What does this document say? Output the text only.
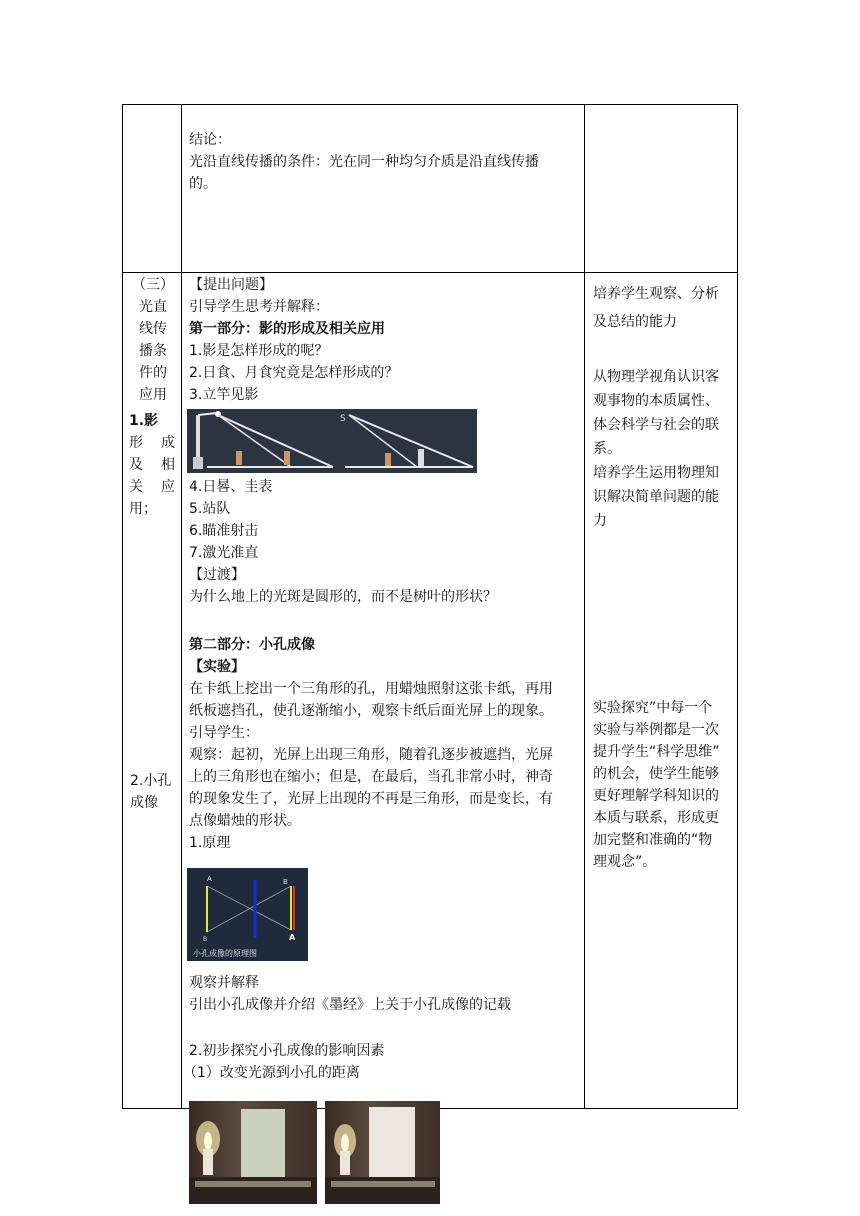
结论：
光沿直线传播的条件：光在同一种均匀介质是沿直线传播
的。
（三）
光直
线传
播条
件的
应用
1.影
形 成
及 相
关 应
用；
2.小孔
成像
【提出问题】
引导学生思考并解释：
第一部分：影的形成及相关应用
1.影是怎样形成的呢？
2.日食、月食究竟是怎样形成的？
3.立竿见影
S
4.日晷、圭表
5.站队
6.瞄准射击
7.激光准直
【过渡】
为什么地上的光斑是圆形的，而不是树叶的形状？
第二部分：小孔成像
【实验】
在卡纸上挖出一个三角形的孔，用蜡烛照射这张卡纸，再用
纸板遮挡孔，使孔逐渐缩小，观察卡纸后面光屏上的现象。
引导学生：
观察：起初，光屏上出现三角形，随着孔逐步被遮挡，光屏
上的三角形也在缩小；但是，在最后，当孔非常小时，神奇
的现象发生了，光屏上出现的不再是三角形，而是变长，有
点像蜡烛的形状。
1.原理
A	B
B	A
小孔成像的原理图
观察并解释
引出小孔成像并介绍《墨经》上关于小孔成像的记载
2.初步探究小孔成像的影响因素
（1）改变光源到小孔的距离
培养学生观察、分析
及总结的能力
从物理学视角认识客
观事物的本质属性、
体会科学与社会的联
系。
培养学生运用物理知
识解决简单问题的能
力
实验探究”中每一个
实验与举例都是一次
提升学生“科学思维”
的机会，使学生能够
更好理解学科知识的
本质与联系，形成更
加完整和准确的“物
理观念”。
